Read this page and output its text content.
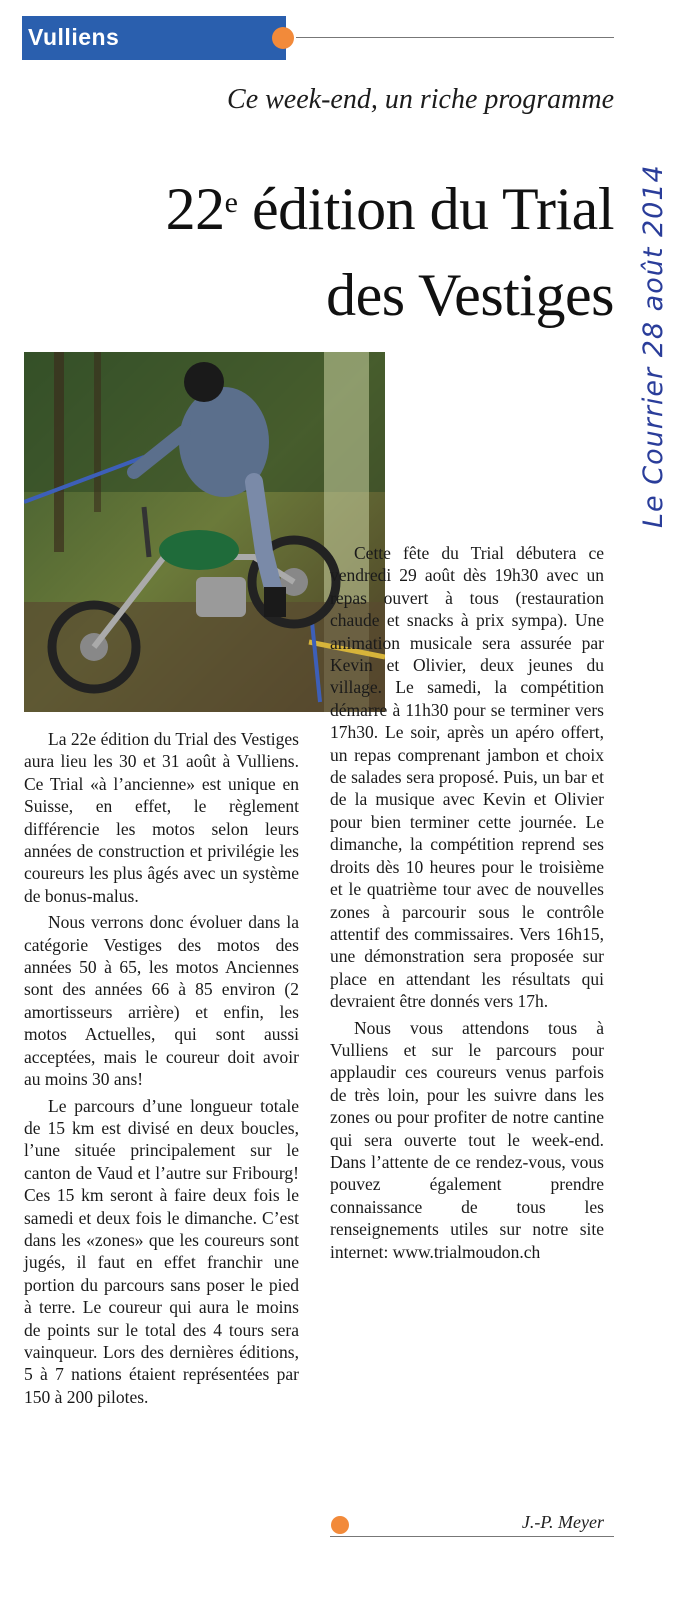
Vulliens
Ce week-end, un riche programme
22e édition du Trial
des Vestiges Le Courrier 28 août 2014

La 22e édition du Trial des Vestiges aura lieu les 30 et 31 août à Vulliens. Ce Trial «à l’ancienne» est unique en Suisse, en effet, le règlement différencie les motos selon leurs années de construction et privilégie les coureurs les plus âgés avec un système de bonus-malus.

Nous verrons donc évoluer dans la catégorie Vestiges des motos des années 50 à 65, les motos Anciennes sont des années 66 à 85 environ (2 amortisseurs arrière) et enfin, les motos Actuelles, qui sont aussi acceptées, mais le coureur doit avoir au moins 30 ans!

Le parcours d’une longueur totale de 15 km est divisé en deux boucles, l’une située principalement sur le canton de Vaud et l’autre sur Fribourg! Ces 15 km seront à faire deux fois le samedi et deux fois le dimanche. C’est dans les «zones» que les coureurs sont jugés, il faut en effet franchir une portion du parcours sans poser le pied à terre. Le coureur qui aura le moins de points sur le total des 4 tours sera vainqueur. Lors des dernières éditions, 5 à 7 nations étaient représentées par 150 à 200 pilotes.

Cette fête du Trial débutera ce vendredi 29 août dès 19h30 avec un repas ouvert à tous (restauration chaude et snacks à prix sympa). Une animation musicale sera assurée par Kevin et Olivier, deux jeunes du village. Le samedi, la compétition démarre à 11h30 pour se terminer vers 17h30. Le soir, après un apéro offert, un repas comprenant jambon et choix de salades sera proposé. Puis, un bar et de la musique avec Kevin et Olivier pour bien terminer cette journée. Le dimanche, la compétition reprend ses droits dès 10 heures pour le troisième et le quatrième tour avec de nouvelles zones à parcourir sous le contrôle attentif des commissaires. Vers 16h15, une démonstration sera proposée sur place en attendant les résultats qui devraient être donnés vers 17h.

Nous vous attendons tous à Vulliens et sur le parcours pour applaudir ces coureurs venus parfois de très loin, pour les suivre dans les zones ou pour profiter de notre cantine qui sera ouverte tout le week-end. Dans l’attente de ce rendez-vous, vous pouvez également prendre connaissance de tous les renseignements utiles sur notre site internet: www.trialmoudon.ch

J.-P. Meyer
